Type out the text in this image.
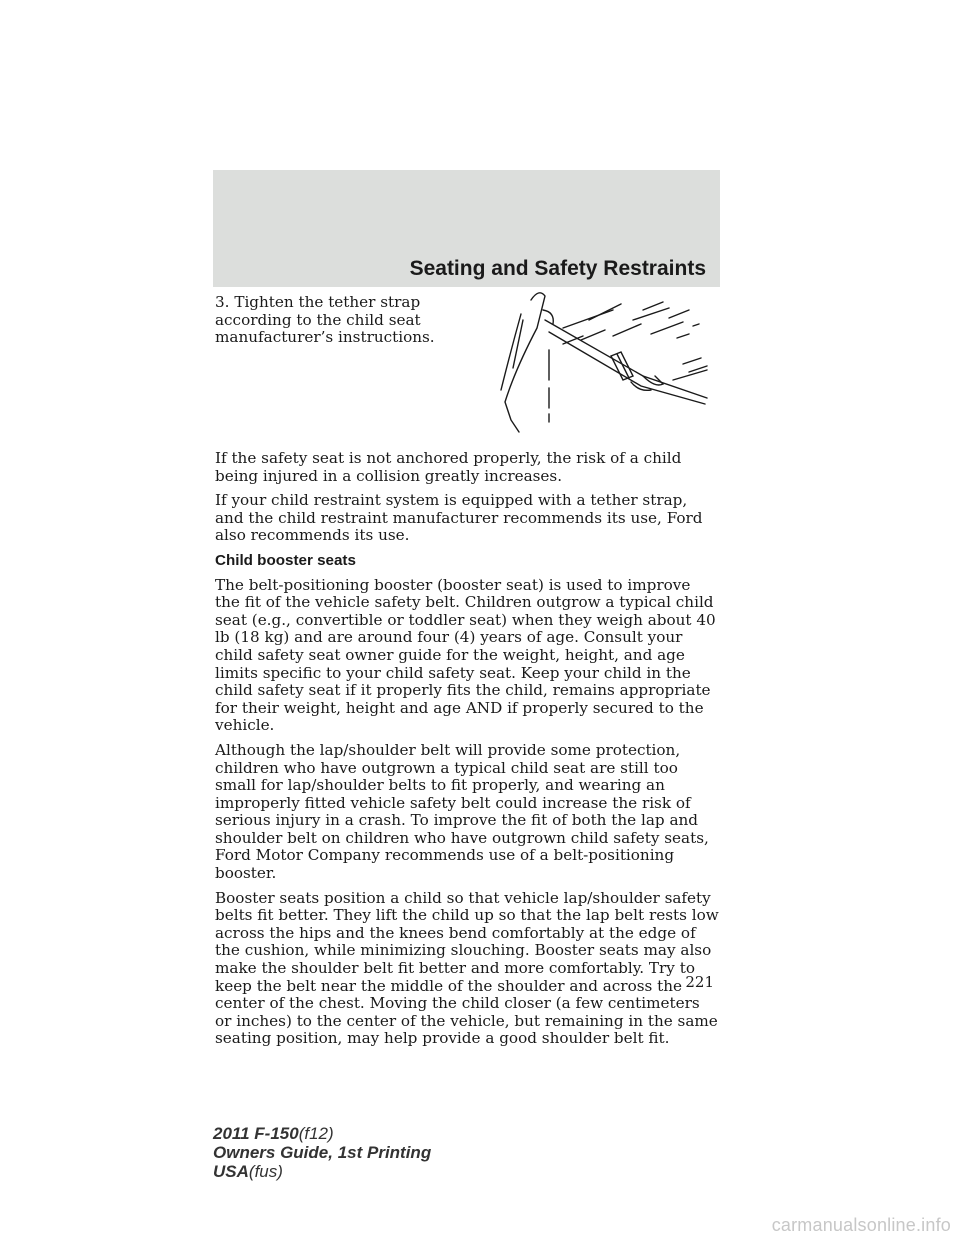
Seating and Safety Restraints

3. Tighten the tether strap according to the child seat manufacturer’s instructions.

If the safety seat is not anchored properly, the risk of a child being injured in a collision greatly increases.

If your child restraint system is equipped with a tether strap, and the child restraint manufacturer recommends its use, Ford also recommends its use.

Child booster seats

The belt-positioning booster (booster seat) is used to improve the fit of the vehicle safety belt. Children outgrow a typical child seat (e.g., convertible or toddler seat) when they weigh about 40 lb (18 kg) and are around four (4) years of age. Consult your child safety seat owner guide for the weight, height, and age limits specific to your child safety seat. Keep your child in the child safety seat if it properly fits the child, remains appropriate for their weight, height and age AND if properly secured to the vehicle.

Although the lap/shoulder belt will provide some protection, children who have outgrown a typical child seat are still too small for lap/shoulder belts to fit properly, and wearing an improperly fitted vehicle safety belt could increase the risk of serious injury in a crash. To improve the fit of both the lap and shoulder belt on children who have outgrown child safety seats, Ford Motor Company recommends use of a belt-positioning booster.

Booster seats position a child so that vehicle lap/shoulder safety belts fit better. They lift the child up so that the lap belt rests low across the hips and the knees bend comfortably at the edge of the cushion, while minimizing slouching. Booster seats may also make the shoulder belt fit better and more comfortably. Try to keep the belt near the middle of the shoulder and across the center of the chest. Moving the child closer (a few centimeters or inches) to the center of the vehicle, but remaining in the same seating position, may help provide a good shoulder belt fit.

221
2011 F-150(f12)
Owners Guide, 1st Printing
USA(fus)
carmanualsonline.info
